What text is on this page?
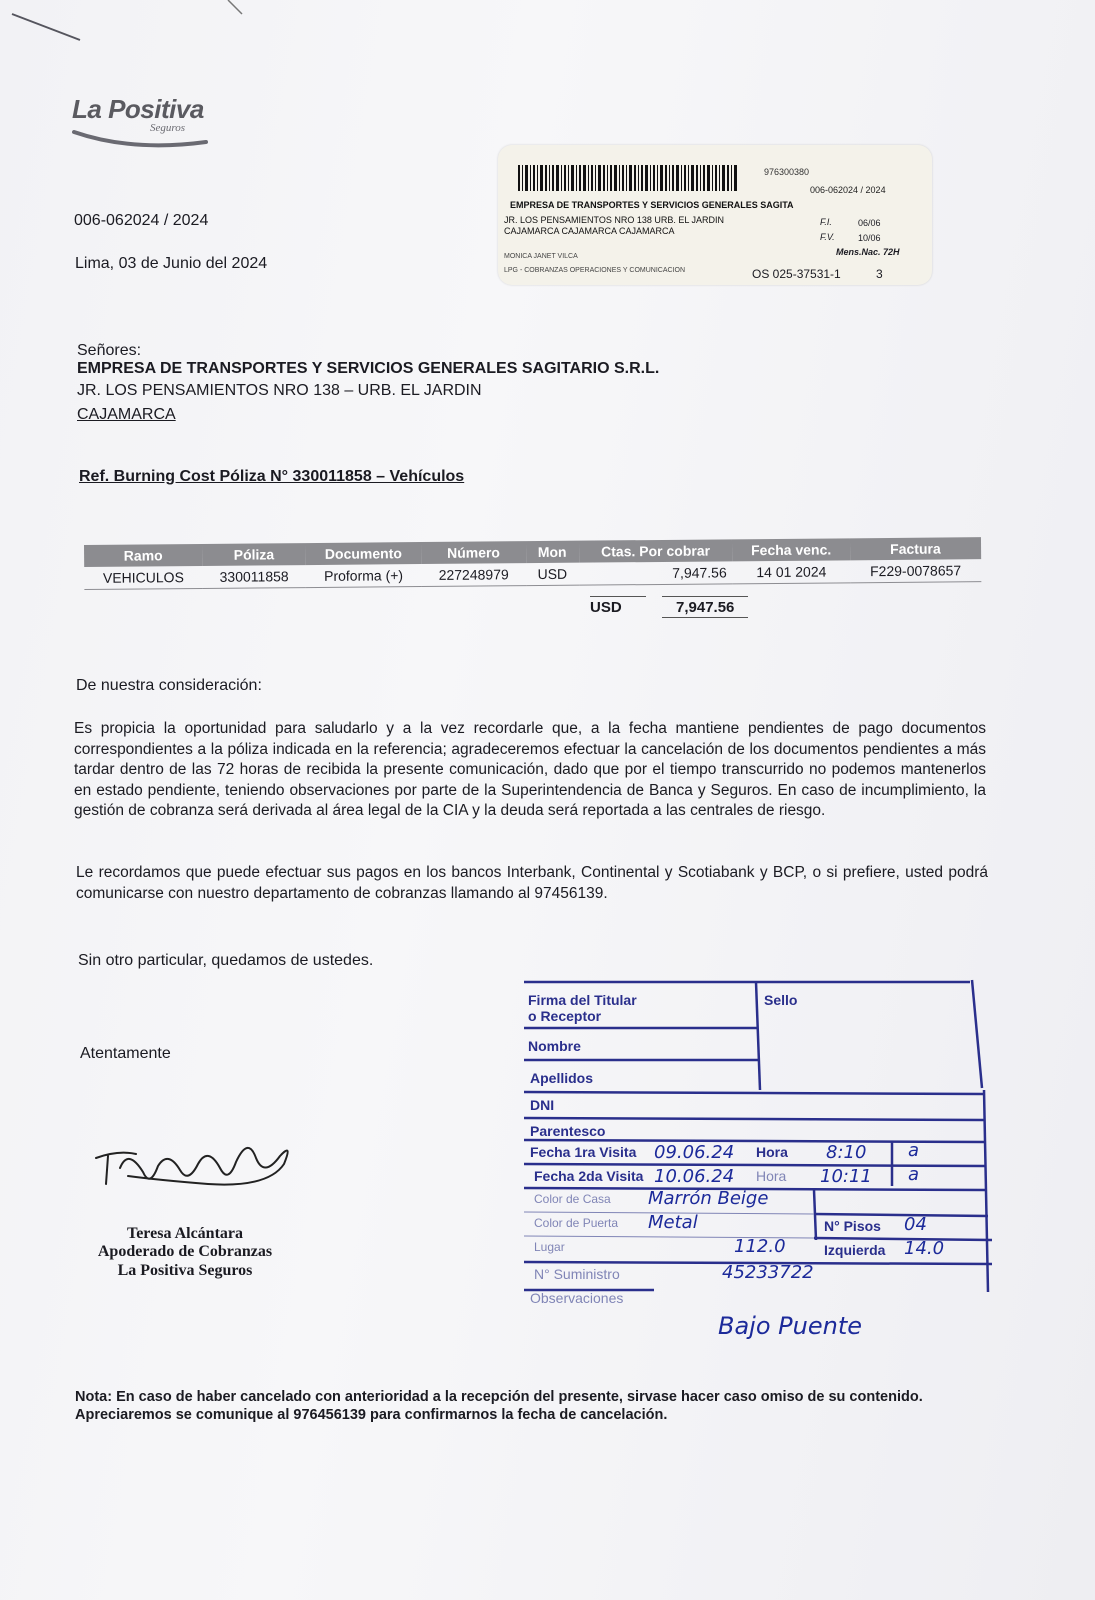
La Positiva
Seguros
006-062024 / 2024
Lima, 03 de Junio del 2024
976300380
006-062024 / 2024
EMPRESA DE TRANSPORTES Y SERVICIOS GENERALES SAGITA
JR. LOS PENSAMIENTOS NRO 138 URB. EL JARDIN
CAJAMARCA CAJAMARCA CAJAMARCA
F.I.	06/06
F.V.	10/06
MONICA JANET VILCA	Mens.Nac. 72H
LPG - COBRANZAS OPERACIONES Y COMUNICACION	OS 025-37531-1	3
Señores:
EMPRESA DE TRANSPORTES Y SERVICIOS GENERALES SAGITARIO S.R.L.
JR. LOS PENSAMIENTOS NRO 138 – URB. EL JARDIN
CAJAMARCA
Ref. Burning Cost Póliza N° 330011858 – Vehículos
Ramo	Póliza	Documento	Número	Mon	Ctas. Por cobrar	Fecha venc.	Factura
VEHICULOS	330011858	Proforma (+)	227248979	USD	7,947.56	14 01 2024	F229-0078657
USD	7,947.56
De nuestra consideración:
Es propicia la oportunidad para saludarlo y a la vez recordarle que, a la fecha mantiene pendientes de pago documentos correspondientes a la póliza indicada en la referencia; agradeceremos efectuar la cancelación de los documentos pendientes a más tardar dentro de las 72 horas de recibida la presente comunicación, dado que por el tiempo transcurrido no podemos mantenerlos en estado pendiente, teniendo observaciones por parte de la Superintendencia de Banca y Seguros. En caso de incumplimiento, la gestión de cobranza será derivada al área legal de la CIA y la deuda será reportada a las centrales de riesgo.
Le recordamos que puede efectuar sus pagos en los bancos Interbank, Continental y Scotiabank y BCP, o si prefiere, usted podrá comunicarse con nuestro departamento de cobranzas llamando al 97456139.
Sin otro particular, quedamos de ustedes.
Atentamente
Teresa Alcántara
Apoderado de Cobranzas
La Positiva Seguros
Firma del Titular
o Receptor
Sello
Nombre
Apellidos
DNI
Parentesco
Fecha 1ra Visita 09.06.24 Hora 8:10 a
Fecha 2da Visita 10.06.24 Hora 10:11 a
Color de Casa Marrón Beige
Color de Puerta Metal	N° Pisos 04
Lugar	112.0	Izquierda 14.0
N° Suministro	45233722
Observaciones
Bajo Puente
Nota: En caso de haber cancelado con anterioridad a la recepción del presente, sirvase hacer caso omiso de su contenido. Apreciaremos se comunique al 976456139 para confirmarnos la fecha de cancelación.
